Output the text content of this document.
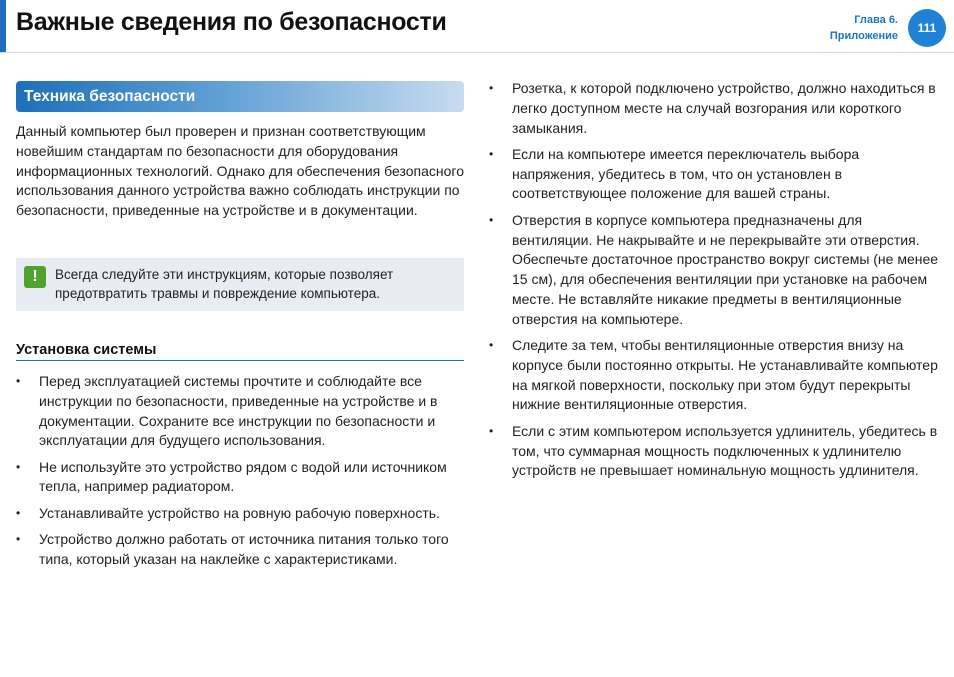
Важные сведения по безопасности	Глава 6.
Приложение
111
Техника безопасности

Данный компьютер был проверен и признан соответствующим новейшим стандартам по безопасности для оборудования информационных технологий. Однако для обеспечения безопасного использования данного устройства важно соблюдать инструкции по безопасности, приведенные на устройстве и в документации.

!	Всегда следуйте эти инструкциям, которые позволяет предотвратить травмы и повреждение компьютера.
Установка системы
• Перед эксплуатацией системы прочтите и соблюдайте все инструкции по безопасности, приведенные на устройстве и в документации. Сохраните все инструкции по безопасности и эксплуатации для будущего использования.
• Не используйте это устройство рядом с водой или источником тепла, например радиатором.
• Устанавливайте устройство на ровную рабочую поверхность.
• Устройство должно работать от источника питания только того типа, который указан на наклейке с характеристиками.
• Розетка, к которой подключено устройство, должно находиться в легко доступном месте на случай возгорания или короткого замыкания.
• Если на компьютере имеется переключатель выбора напряжения, убедитесь в том, что он установлен в соответствующее положение для вашей страны.
• Отверстия в корпусе компьютера предназначены для вентиляции. Не накрывайте и не перекрывайте эти отверстия. Обеспечьте достаточное пространство вокруг системы (не менее 15 см), для обеспечения вентиляции при установке на рабочем месте. Не вставляйте никакие предметы в вентиляционные отверстия на компьютере.
• Следите за тем, чтобы вентиляционные отверстия внизу на корпусе были постоянно открыты. Не устанавливайте компьютер на мягкой поверхности, поскольку при этом будут перекрыты нижние вентиляционные отверстия.
• Если с этим компьютером используется удлинитель, убедитесь в том, что суммарная мощность подключенных к удлинителю устройств не превышает номинальную мощность удлинителя.
